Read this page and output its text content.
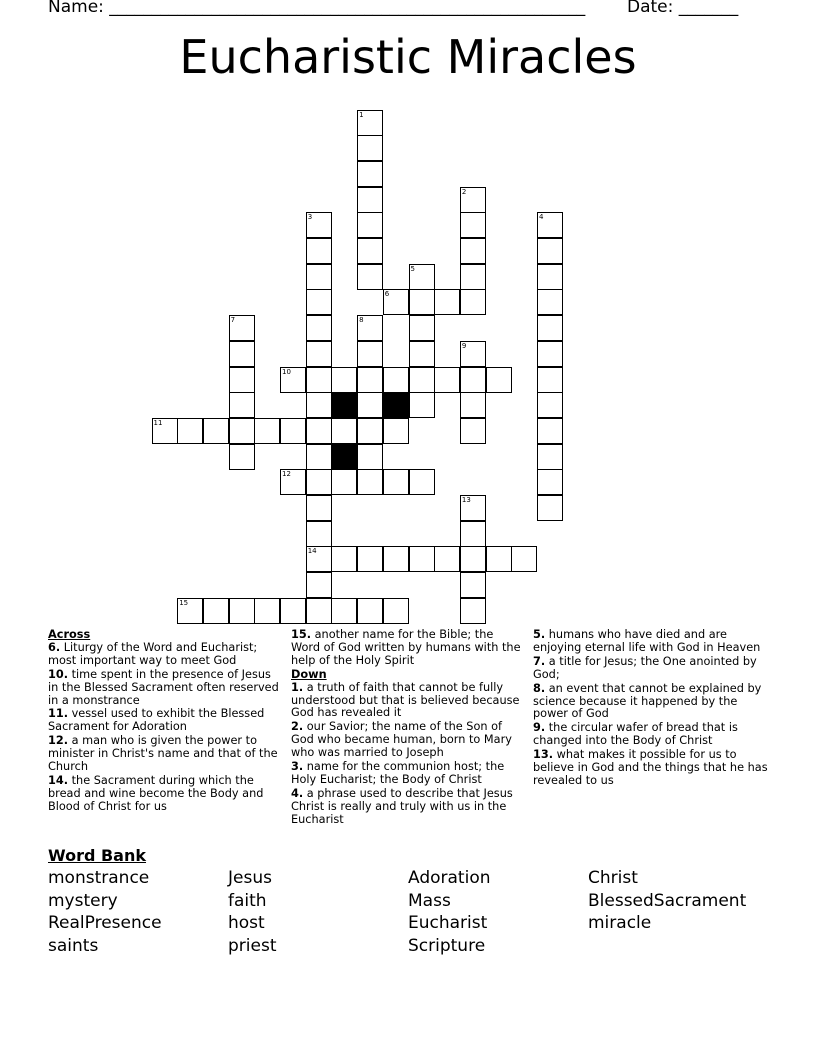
Name: ________________________________________________________ Date: _______
Eucharistic Miracles
1
2
3	4
5
6
7	8
9
10
11
12
13
14
15
Across
6. Liturgy of the Word and Eucharist; most important way to meet God
10. time spent in the presence of Jesus in the Blessed Sacrament often reserved in a monstrance
11. vessel used to exhibit the Blessed Sacrament for Adoration
12. a man who is given the power to minister in Christ's name and that of the Church
14. the Sacrament during which the bread and wine become the Body and Blood of Christ for us
15. another name for the Bible; the Word of God written by humans with the help of the Holy Spirit
Down
1. a truth of faith that cannot be fully understood but that is believed because God has revealed it
2. our Savior; the name of the Son of God who became human, born to Mary who was married to Joseph
3. name for the communion host; the Holy Eucharist; the Body of Christ
4. a phrase used to describe that Jesus Christ is really and truly with us in the Eucharist
5. humans who have died and are enjoying eternal life with God in Heaven
7. a title for Jesus; the One anointed by God;
8. an event that cannot be explained by science because it happened by the power of God
9. the circular wafer of bread that is changed into the Body of Christ
13. what makes it possible for us to believe in God and the things that he has revealed to us
Word Bank
monstrance	Jesus	Adoration	Christ
mystery	faith	Mass	BlessedSacrament
RealPresence	host	Eucharist	miracle
saints	priest	Scripture
